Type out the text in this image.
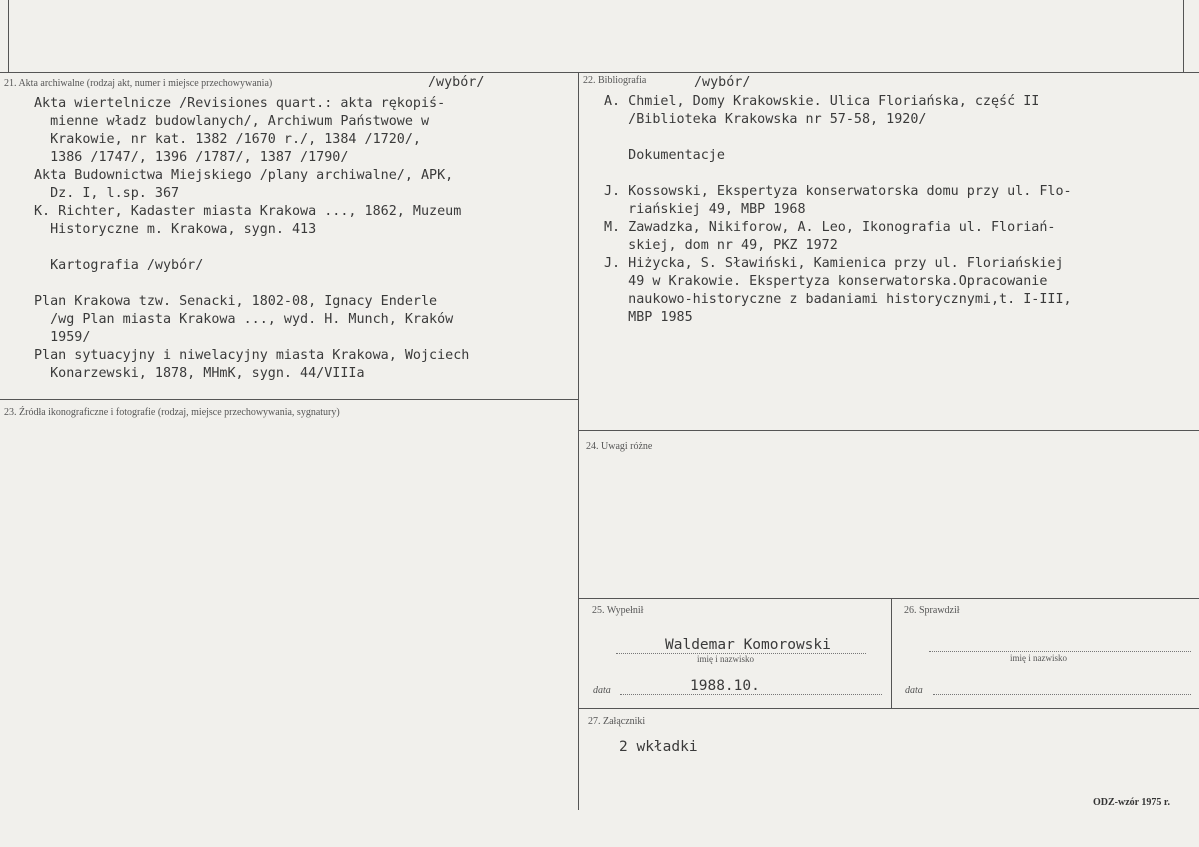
21. Akta archiwalne (rodzaj akt, numer i miejsce przechowywania)	/wybór/
Akta wiertelnicze /Revisiones quart.: akta rękopiś-
mienne władz budowlanych/, Archiwum Państwowe w
Krakowie, nr kat. 1382 /1670 r./, 1384 /1720/,
1386 /1747/, 1396 /1787/, 1387 /1790/
Akta Budownictwa Miejskiego /plany archiwalne/, APK,
Dz. I, l.sp. 367
K. Richter, Kadaster miasta Krakowa ..., 1862, Muzeum
Historyczne m. Krakowa, sygn. 413
Kartografia /wybór/
Plan Krakowa tzw. Senacki, 1802-08, Ignacy Enderle
/wg Plan miasta Krakowa ..., wyd. H. Munch, Kraków
1959/
Plan sytuacyjny i niwelacyjny miasta Krakowa, Wojciech
Konarzewski, 1878, MHmK, sygn. 44/VIIIa
22. Bibliografia	/wybór/
A. Chmiel, Domy Krakowskie. Ulica Floriańska, część II
/Biblioteka Krakowska nr 57-58, 1920/
Dokumentacje
J. Kossowski, Ekspertyza konserwatorska domu przy ul. Flo-
riańskiej 49, MBP 1968
M. Zawadzka, Nikiforow, A. Leo, Ikonografia ul. Floriań-
skiej, dom nr 49, PKZ 1972
J. Hiżycka, S. Sławiński, Kamienica przy ul. Floriańskiej
49 w Krakowie. Ekspertyza konserwatorska.Opracowanie
naukowo-historyczne z badaniami historycznymi,t. I-III,
MBP 1985
23. Źródła ikonograficzne i fotografie (rodzaj, miejsce przechowywania, sygnatury)
24. Uwagi różne
25. Wypełnił
Waldemar Komorowski
imię i nazwisko
data	1988.10.
26. Sprawdził
imię i nazwisko
data
27. Załączniki
2 wkładki
ODZ-wzór 1975 r.
